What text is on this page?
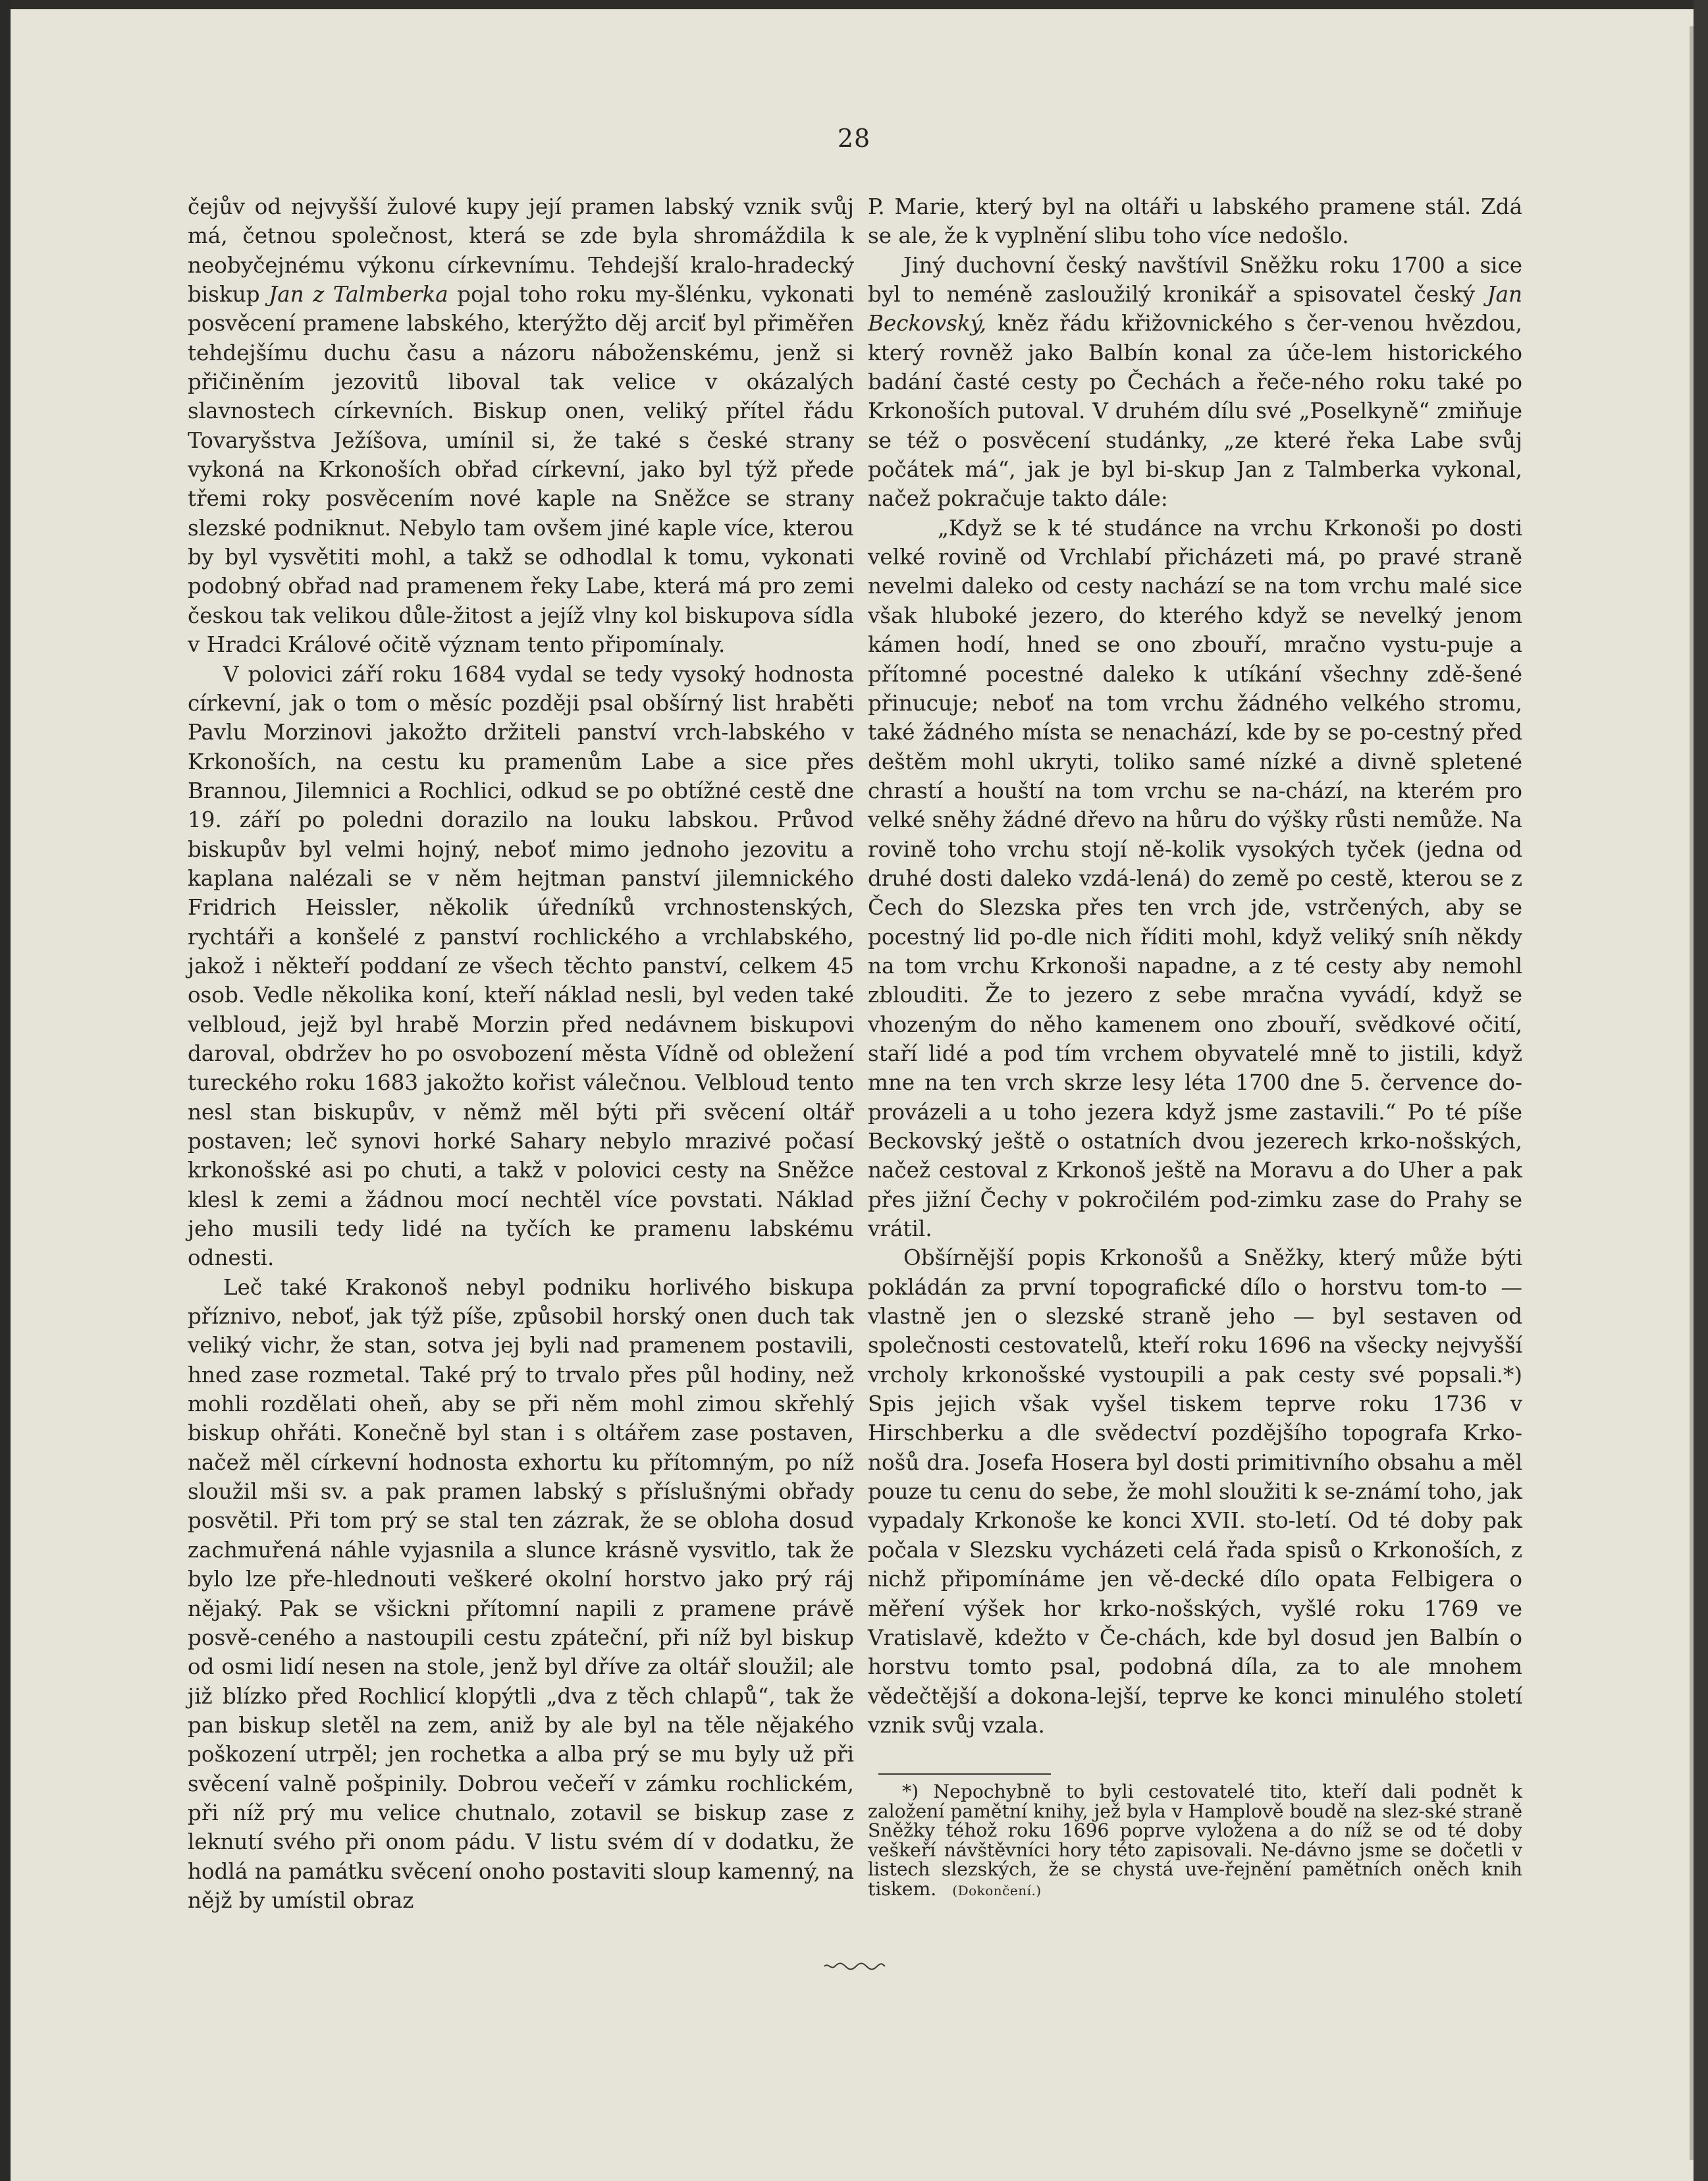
28

čejův od nejvyšší žulové kupy její pramen labský vznik svůj má, četnou společnost, která se zde byla shromáždila k neobyčejnému výkonu církevnímu. Tehdejší kralo-hradecký biskup Jan z Talmberka pojal toho roku my-šlénku, vykonati posvěcení pramene labského, kterýžto děj arciť byl přiměřen tehdejšímu duchu času a názoru náboženskému, jenž si přičiněním jezovitů liboval tak velice v okázalých slavnostech církevních. Biskup onen, veliký přítel řádu Tovaryšstva Ježíšova, umínil si, že také s české strany vykoná na Krkonoších obřad církevní, jako byl týž přede třemi roky posvěcením nové kaple na Sněžce se strany slezské podniknut. Nebylo tam ovšem jiné kaple více, kterou by byl vysvětiti mohl, a takž se odhodlal k tomu, vykonati podobný obřad nad pramenem řeky Labe, která má pro zemi českou tak velikou důle-žitost a jejíž vlny kol biskupova sídla v Hradci Králové očitě význam tento připomínaly.

V polovici září roku 1684 vydal se tedy vysoký hodnosta církevní, jak o tom o měsíc později psal obšírný list hraběti Pavlu Morzinovi jakožto držiteli panství vrch-labského v Krkonoších, na cestu ku pramenům Labe a sice přes Brannou, Jilemnici a Rochlici, odkud se po obtížné cestě dne 19. září po poledni dorazilo na louku labskou. Průvod biskupův byl velmi hojný, neboť mimo jednoho jezovitu a kaplana nalézali se v něm hejtman panství jilemnického Fridrich Heissler, několik úředníků vrchnostenských, rychtáři a konšelé z panství rochlického a vrchlabského, jakož i někteří poddaní ze všech těchto panství, celkem 45 osob. Vedle několika koní, kteří náklad nesli, byl veden také velbloud, jejž byl hrabě Morzin před nedávnem biskupovi daroval, obdržev ho po osvobození města Vídně od obležení tureckého roku 1683 jakožto kořist válečnou. Velbloud tento nesl stan biskupův, v němž měl býti při svěcení oltář postaven; leč synovi horké Sahary nebylo mrazivé počasí krkonošské asi po chuti, a takž v polovici cesty na Sněžce klesl k zemi a žádnou mocí nechtěl více povstati. Náklad jeho musili tedy lidé na tyčích ke pramenu labskému odnesti.

Leč také Krakonoš nebyl podniku horlivého biskupa příznivo, neboť, jak týž píše, způsobil horský onen duch tak veliký vichr, že stan, sotva jej byli nad pramenem postavili, hned zase rozmetal. Také prý to trvalo přes půl hodiny, než mohli rozdělati oheň, aby se při něm mohl zimou skřehlý biskup ohřáti. Konečně byl stan i s oltářem zase postaven, načež měl církevní hodnosta exhortu ku přítomným, po níž sloužil mši sv. a pak pramen labský s příslušnými obřady posvětil. Při tom prý se stal ten zázrak, že se obloha dosud zachmuřená náhle vyjasnila a slunce krásně vysvitlo, tak že bylo lze pře-hlednouti veškeré okolní horstvo jako prý ráj nějaký. Pak se všickni přítomní napili z pramene právě posvě-ceného a nastoupili cestu zpáteční, při níž byl biskup od osmi lidí nesen na stole, jenž byl dříve za oltář sloužil; ale již blízko před Rochlicí klopýtli „dva z těch chlapů“, tak že pan biskup sletěl na zem, aniž by ale byl na těle nějakého poškození utrpěl; jen rochetka a alba prý se mu byly už při svěcení valně pošpinily. Dobrou večeří v zámku rochlickém, při níž prý mu velice chutnalo, zotavil se biskup zase z leknutí svého při onom pádu. V listu svém dí v dodatku, že hodlá na památku svěcení onoho postaviti sloup kamenný, na nějž by umístil obraz

P. Marie, který byl na oltáři u labského pramene stál. Zdá se ale, že k vyplnění slibu toho více nedošlo.

Jiný duchovní český navštívil Sněžku roku 1700 a sice byl to neméně zasloužilý kronikář a spisovatel český Jan Beckovský, kněz řádu křižovnického s čer-venou hvězdou, který rovněž jako Balbín konal za úče-lem historického badání časté cesty po Čechách a řeče-ného roku také po Krkonoších putoval. V druhém dílu své „Poselkyně“ zmiňuje se též o posvěcení studánky, „ze které řeka Labe svůj počátek má“, jak je byl bi-skup Jan z Talmberka vykonal, načež pokračuje takto dále:

„Když se k té studánce na vrchu Krkonoši po dosti velké rovině od Vrchlabí přicházeti má, po pravé straně nevelmi daleko od cesty nachází se na tom vrchu malé sice však hluboké jezero, do kterého když se nevelký jenom kámen hodí, hned se ono zbouří, mračno vystu-puje a přítomné pocestné daleko k utíkání všechny zdě-šené přinucuje; neboť na tom vrchu žádného velkého stromu, také žádného místa se nenachází, kde by se po-cestný před deštěm mohl ukryti, toliko samé nízké a divně spletené chrastí a houští na tom vrchu se na-chází, na kterém pro velké sněhy žádné dřevo na hůru do výšky růsti nemůže. Na rovině toho vrchu stojí ně-kolik vysokých tyček (jedna od druhé dosti daleko vzdá-lená) do země po cestě, kterou se z Čech do Slezska přes ten vrch jde, vstrčených, aby se pocestný lid po-dle nich říditi mohl, když veliký sníh někdy na tom vrchu Krkonoši napadne, a z té cesty aby nemohl zblouditi. Že to jezero z sebe mračna vyvádí, když se vhozeným do něho kamenem ono zbouří, svědkové očití, staří lidé a pod tím vrchem obyvatelé mně to jistili, když mne na ten vrch skrze lesy léta 1700 dne 5. července do-provázeli a u toho jezera když jsme zastavili.“ Po té píše Beckovský ještě o ostatních dvou jezerech krko-nošských, načež cestoval z Krkonoš ještě na Moravu a do Uher a pak přes jižní Čechy v pokročilém pod-zimku zase do Prahy se vrátil.

Obšírnější popis Krkonošů a Sněžky, který může býti pokládán za první topografické dílo o horstvu tom-to — vlastně jen o slezské straně jeho — byl sestaven od společnosti cestovatelů, kteří roku 1696 na všecky nejvyšší vrcholy krkonošské vystoupili a pak cesty své popsali.*) Spis jejich však vyšel tiskem teprve roku 1736 v Hirschberku a dle svědectví pozdějšího topografa Krko-nošů dra. Josefa Hosera byl dosti primitivního obsahu a měl pouze tu cenu do sebe, že mohl sloužiti k se-známí toho, jak vypadaly Krkonoše ke konci XVII. sto-letí. Od té doby pak počala v Slezsku vycházeti celá řada spisů o Krkonoších, z nichž připomínáme jen vě-decké dílo opata Felbigera o měření výšek hor krko-nošských, vyšlé roku 1769 ve Vratislavě, kdežto v Če-chách, kde byl dosud jen Balbín o horstvu tomto psal, podobná díla, za to ale mnohem vědečtější a dokona-lejší, teprve ke konci minulého století vznik svůj vzala.

*) Nepochybně to byli cestovatelé tito, kteří dali podnět k založení pamětní knihy, jež byla v Hamplově boudě na slez-ské straně Sněžky téhož roku 1696 poprve vyložena a do níž se od té doby veškeří návštěvníci hory této zapisovali. Ne-dávno jsme se dočetli v listech slezských, že se chystá uve-řejnění pamětních oněch knih tiskem. (Dokončení.)
